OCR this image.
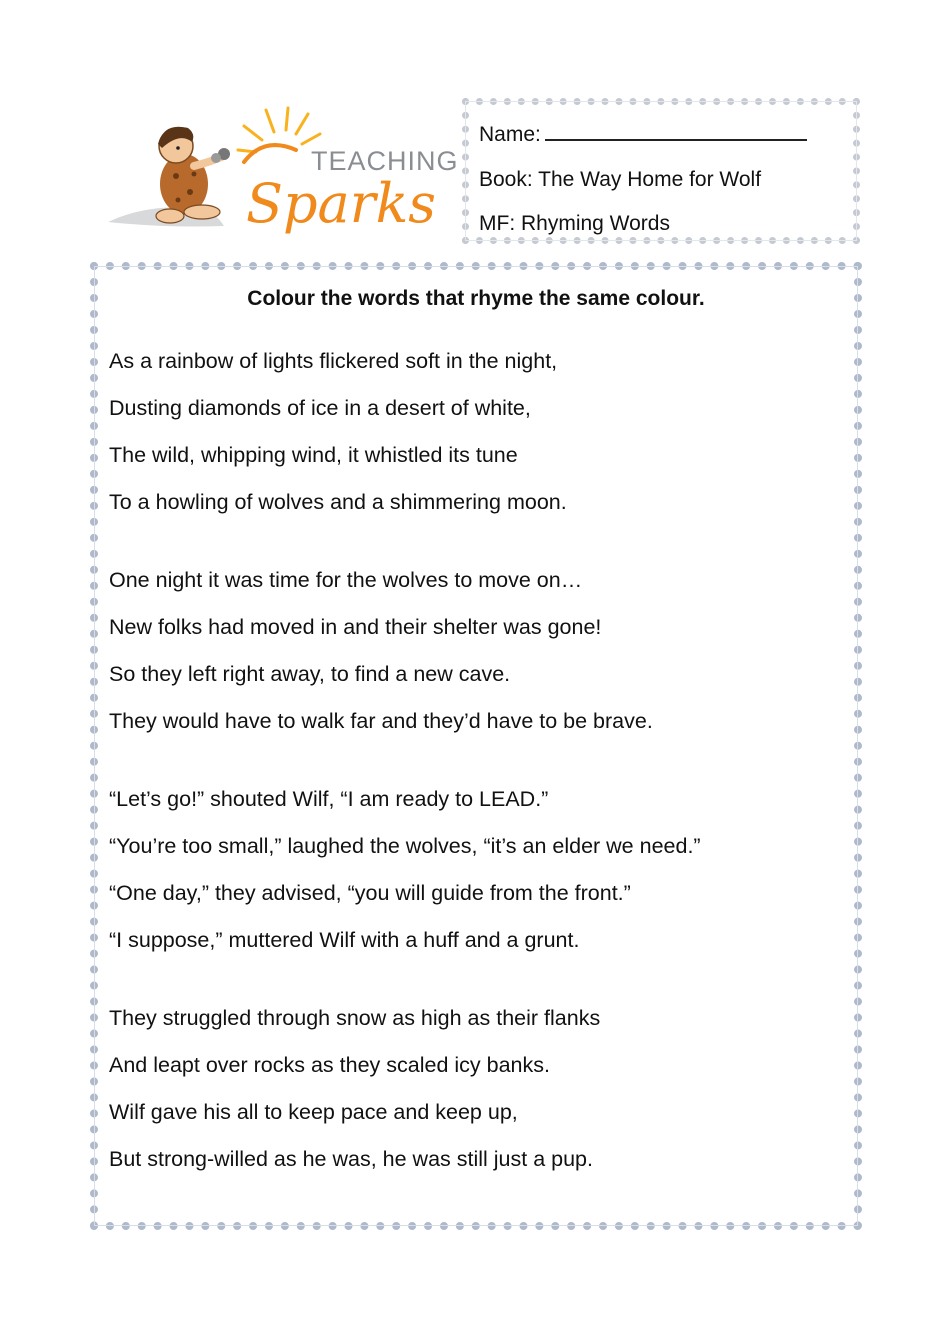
TEACHING
Sparks
Name:
Book: The Way Home for Wolf
MF: Rhyming Words
Colour the words that rhyme the same colour.
As a rainbow of lights flickered soft in the night,
Dusting diamonds of ice in a desert of white,
The wild, whipping wind, it whistled its tune
To a howling of wolves and a shimmering moon.
One night it was time for the wolves to move on…
New folks had moved in and their shelter was gone!
So they left right away, to find a new cave.
They would have to walk far and they’d have to be brave.
“Let’s go!” shouted Wilf, “I am ready to LEAD.”
“You’re too small,” laughed the wolves, “it’s an elder we need.”
“One day,” they advised, “you will guide from the front.”
“I suppose,” muttered Wilf with a huff and a grunt.
They struggled through snow as high as their flanks
And leapt over rocks as they scaled icy banks.
Wilf gave his all to keep pace and keep up,
But strong-willed as he was, he was still just a pup.
